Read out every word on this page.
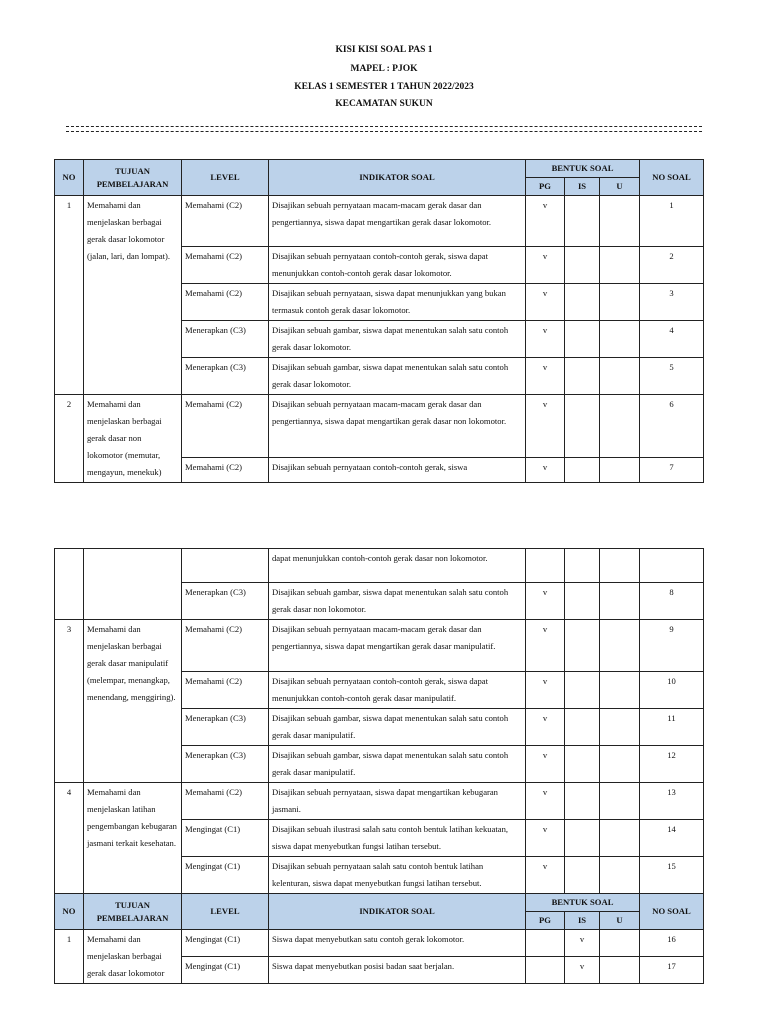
KISI KISI SOAL PAS 1
MAPEL : PJOK
KELAS 1 SEMESTER 1 TAHUN 2022/2023
KECAMATAN SUKUN
NO	TUJUAN PEMBELAJARAN	LEVEL	INDIKATOR SOAL	BENTUK SOAL			NO SOAL
				PG	IS	U	
1	Memahami dan menjelaskan berbagai gerak dasar lokomotor (jalan, lari, dan lompat).	Memahami (C2)	Disajikan sebuah pernyataan macam-macam gerak dasar dan pengertiannya, siswa dapat mengartikan gerak dasar lokomotor.	v			1
		Memahami (C2)	Disajikan sebuah pernyataan contoh-contoh gerak, siswa dapat menunjukkan contoh-contoh gerak dasar lokomotor.	v			2
		Memahami (C2)	Disajikan sebuah pernyataan, siswa dapat menunjukkan yang bukan termasuk contoh gerak dasar lokomotor.	v			3
		Menerapkan (C3)	Disajikan sebuah gambar, siswa dapat menentukan salah satu contoh gerak dasar lokomotor.	v			4
		Menerapkan (C3)	Disajikan sebuah gambar, siswa dapat menentukan salah satu contoh gerak dasar lokomotor.	v			5
2	Memahami dan menjelaskan berbagai gerak dasar non lokomotor (memutar, mengayun, menekuk)	Memahami (C2)	Disajikan sebuah pernyataan macam-macam gerak dasar dan pengertiannya, siswa dapat mengartikan gerak dasar non lokomotor.	v			6
		Memahami (C2)	Disajikan sebuah pernyataan contoh-contoh gerak, siswa	v			7
			dapat menunjukkan contoh-contoh gerak dasar non lokomotor.				
		Menerapkan (C3)	Disajikan sebuah gambar, siswa dapat menentukan salah satu contoh gerak dasar non lokomotor.	v			8
3	Memahami dan menjelaskan berbagai gerak dasar manipulatif (melempar, menangkap, menendang, menggiring).	Memahami (C2)	Disajikan sebuah pernyataan macam-macam gerak dasar dan pengertiannya, siswa dapat mengartikan gerak dasar manipulatif.	v			9
		Memahami (C2)	Disajikan sebuah pernyataan contoh-contoh gerak, siswa dapat menunjukkan contoh-contoh gerak dasar manipulatif.	v			10
		Menerapkan (C3)	Disajikan sebuah gambar, siswa dapat menentukan salah satu contoh gerak dasar manipulatif.	v			11
		Menerapkan (C3)	Disajikan sebuah gambar, siswa dapat menentukan salah satu contoh gerak dasar manipulatif.	v			12
4	Memahami dan menjelaskan latihan pengembangan kebugaran jasmani terkait kesehatan.	Memahami (C2)	Disajikan sebuah pernyataan, siswa dapat mengartikan kebugaran jasmani.	v			13
		Mengingat (C1)	Disajikan sebuah ilustrasi salah satu contoh bentuk latihan kekuatan, siswa dapat menyebutkan fungsi latihan tersebut.	v			14
		Mengingat (C1)	Disajikan sebuah pernyataan salah satu contoh bentuk latihan kelenturan, siswa dapat menyebutkan fungsi latihan tersebut.	v			15
NO	TUJUAN PEMBELAJARAN	LEVEL	INDIKATOR SOAL	BENTUK SOAL			NO SOAL
				PG	IS	U	
1	Memahami dan menjelaskan berbagai gerak dasar lokomotor	Mengingat (C1)	Siswa dapat menyebutkan satu contoh gerak lokomotor.		v		16
		Mengingat (C1)	Siswa dapat menyebutkan posisi badan saat berjalan.		v		17
